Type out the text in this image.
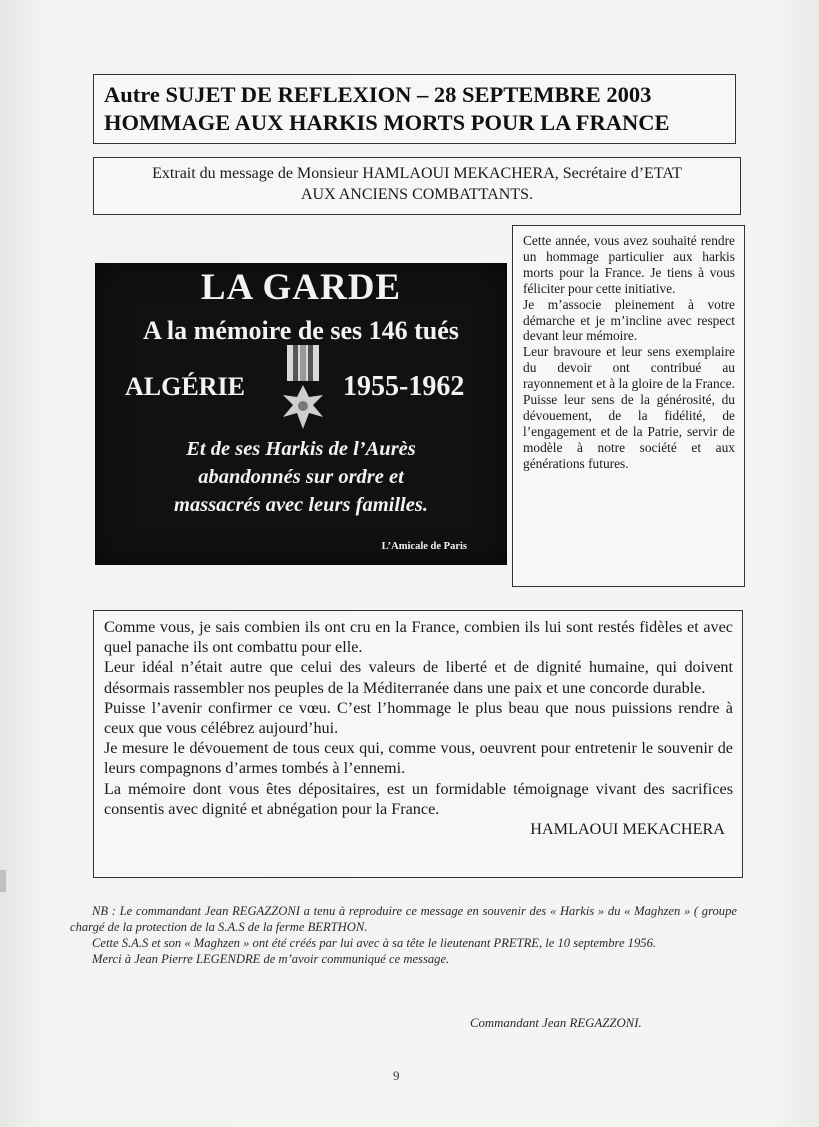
Autre SUJET DE REFLEXION – 28 SEPTEMBRE 2003
HOMMAGE AUX HARKIS MORTS POUR LA FRANCE
Extrait du message de Monsieur HAMLAOUI MEKACHERA, Secrétaire d’ETAT
AUX ANCIENS COMBATTANTS.
LA GARDE
A la mémoire de ses 146 tués
ALGÉRIE	1955-1962
Et de ses Harkis de l’Aurès
abandonnés sur ordre et
massacrés avec leurs familles.
L’Amicale de Paris

Cette année, vous avez souhaité rendre un hommage particulier aux harkis morts pour la France. Je tiens à vous féliciter pour cette initiative.

Je m’associe pleinement à votre démarche et je m’incline avec respect devant leur mémoire.

Leur bravoure et leur sens exemplaire du devoir ont contribué au rayonnement et à la gloire de la France.

Puisse leur sens de la générosité, du dévouement, de la fidélité, de l’engagement et de la Patrie, servir de modèle à notre société et aux générations futures.

Comme vous, je sais combien ils ont cru en la France, combien ils lui sont restés fidèles et avec quel panache ils ont combattu pour elle.

Leur idéal n’était autre que celui des valeurs de liberté et de dignité humaine, qui doivent désormais rassembler nos peuples de la Méditerranée dans une paix et une concorde durable.

Puisse l’avenir confirmer ce vœu. C’est l’hommage le plus beau que nous puissions rendre à ceux que vous célébrez aujourd’hui.

Je mesure le dévouement de tous ceux qui, comme vous, oeuvrent pour entretenir le souvenir de leurs compagnons d’armes tombés à l’ennemi.

La mémoire dont vous êtes dépositaires, est un formidable témoignage vivant des sacrifices consentis avec dignité et abnégation pour la France.

HAMLAOUI MEKACHERA

NB : Le commandant Jean REGAZZONI a tenu à reproduire ce message en souvenir des « Harkis » du « Maghzen » ( groupe chargé de la protection de la S.A.S de la ferme BERTHON.

Cette S.A.S et son « Maghzen » ont été créés par lui avec à sa tête le lieutenant PRETRE, le 10 septembre 1956.

Merci à Jean Pierre LEGENDRE de m’avoir communiqué ce message.

Commandant Jean REGAZZONI.
9
